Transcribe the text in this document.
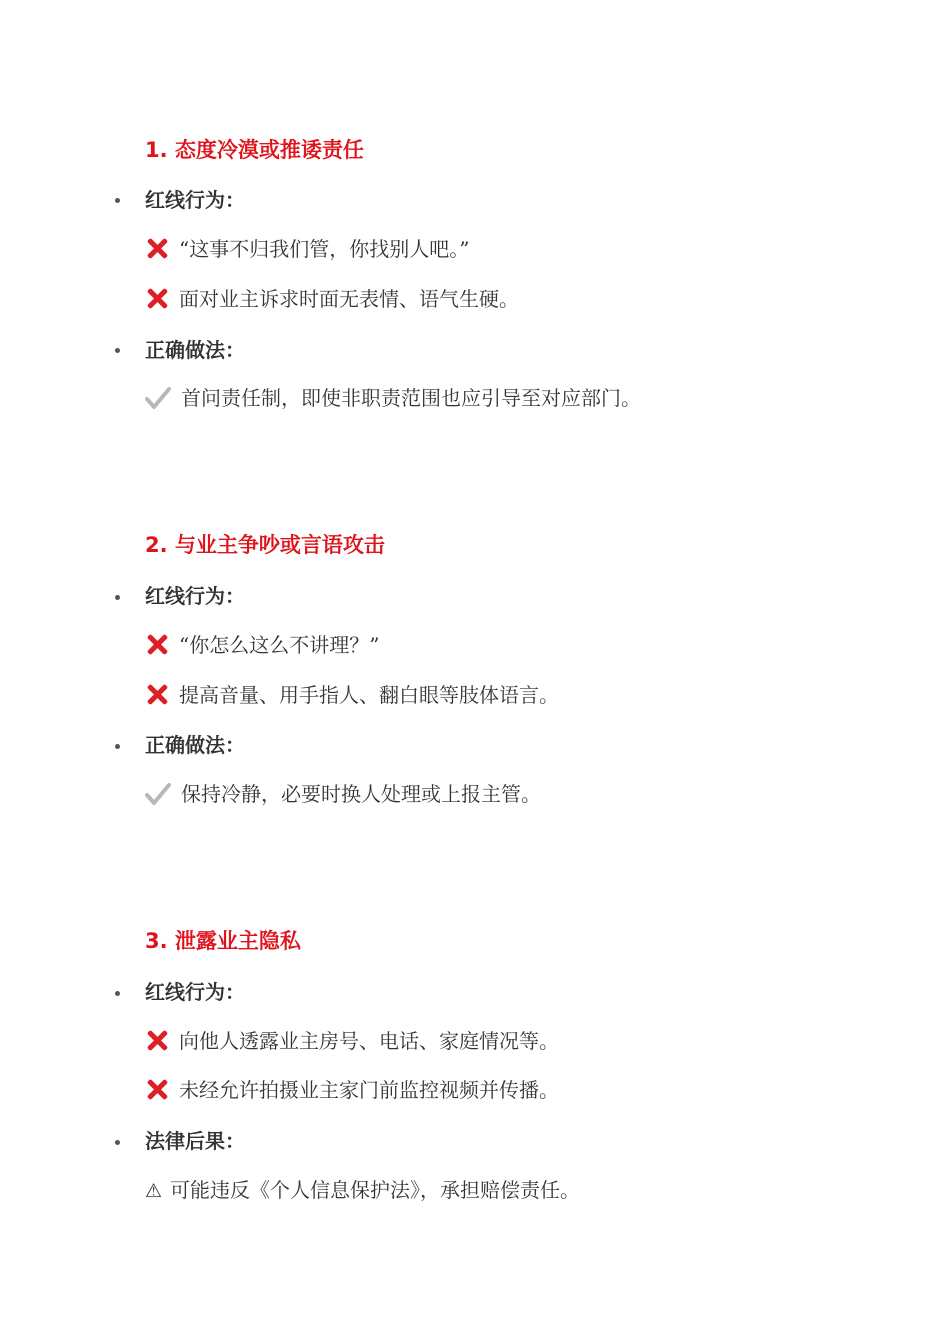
1. 态度冷漠或推诿责任
红线行为：
“这事不归我们管，你找别人吧。”
面对业主诉求时面无表情、语气生硬。
正确做法：
首问责任制，即使非职责范围也应引导至对应部门。
2. 与业主争吵或言语攻击
红线行为：
“你怎么这么不讲理？”
提高音量、用手指人、翻白眼等肢体语言。
正确做法：
保持冷静，必要时换人处理或上报主管。
3. 泄露业主隐私
红线行为：
向他人透露业主房号、电话、家庭情况等。
未经允许拍摄业主家门前监控视频并传播。
法律后果：
⚠ 可能违反《个人信息保护法》，承担赔偿责任。
